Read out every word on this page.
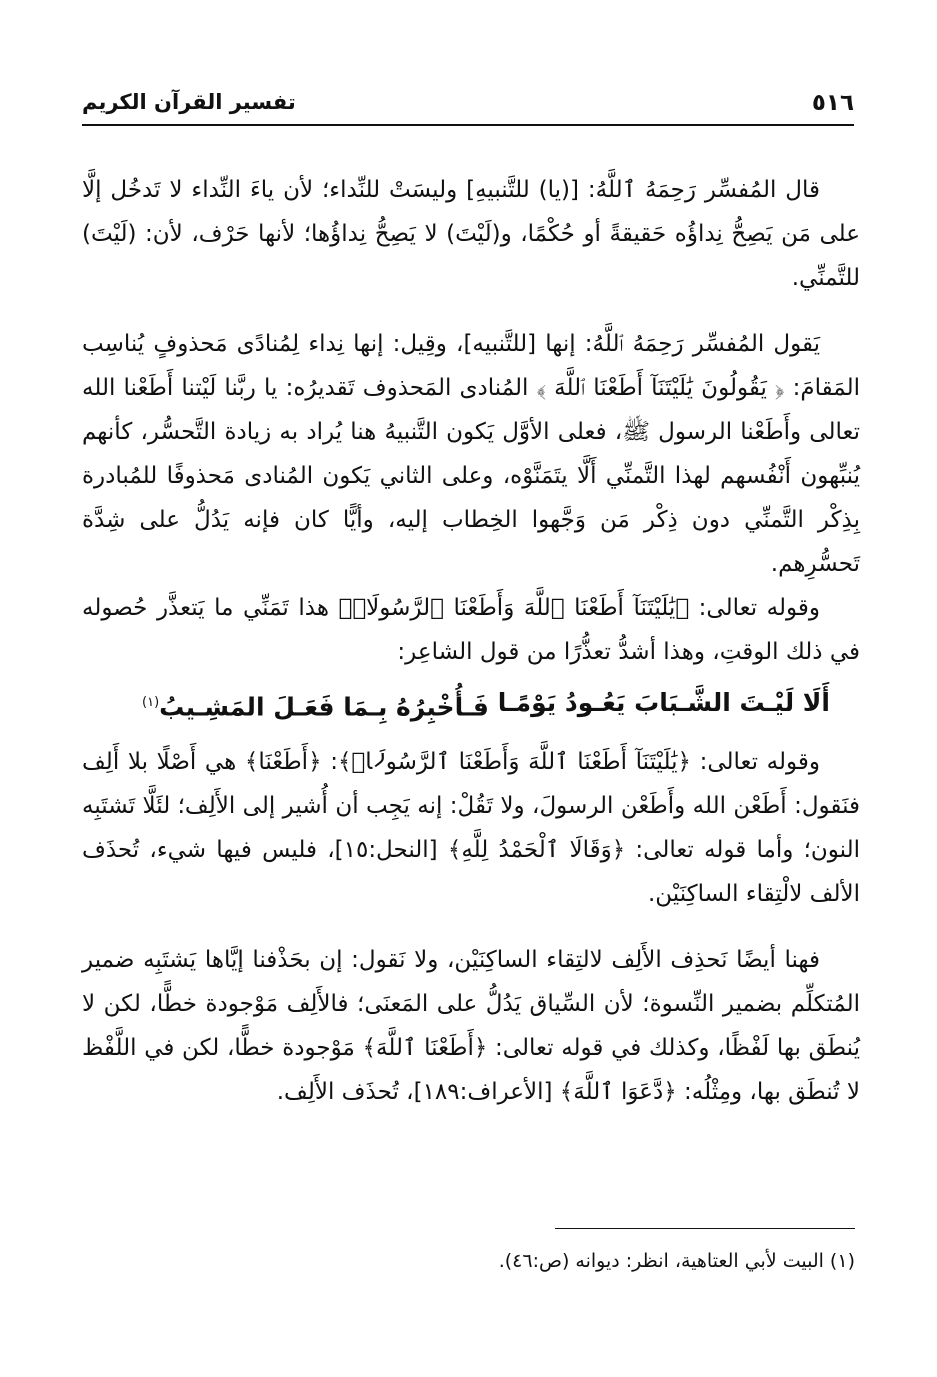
٥١٦
تفسير القرآن الكريم

قال المُفسِّر رَحِمَهُ ٱللَّهُ: [(يا) للتَّنبيهِ] وليسَتْ للنِّداء؛ لأن ياءَ النِّداء لا تَدخُل إلَّا على مَن يَصِحُّ نِداؤُه حَقيقةً أو حُكْمًا، و(لَيْتَ) لا يَصِحُّ نِداؤُها؛ لأنها حَرْف، لأن: (لَيْتَ) للتَّمنِّي.

يَقول المُفسِّر رَحِمَهُ ٱللَّهُ: إنها [للتَّنبيه]، وقِيل: إنها نِداء لِمُنادًى مَحذوفٍ يُناسِب المَقامَ: ﴿ يَقُولُونَ يَٰلَيْتَنَآ أَطَعْنَا ٱللَّهَ ﴾ المُنادى المَحذوف تَقديرُه: يا ربَّنا لَيْتنا أَطَعْنا الله تعالى وأَطَعْنا الرسول ﷺ، فعلى الأوَّل يَكون التَّنبيهُ هنا يُراد به زيادة التَّحسُّر، كأنهم يُنبِّهون أَنْفُسهم لهذا التَّمنِّي أَلَّا يتَمَنَّوْه، وعلى الثاني يَكون المُنادى مَحذوفًا للمُبادرة بِذِكْر التَّمنِّي دون ذِكْر مَن وَجَّهوا الخِطاب إليه، وأيًّا كان فإنه يَدُلُّ على شِدَّة تَحسُّرِهم.

وقوله تعالى: ﴿يَٰلَيْتَنَآ أَطَعْنَا ٱللَّهَ وَأَطَعْنَا ٱلرَّسُولَا۠﴾ هذا تَمَنِّي ما يَتعذَّر حُصوله في ذلك الوقتِ، وهذا أشدُّ تعذُّرًا من قول الشاعِر:

أَلَا لَيْـتَ الشَّـبَابَ يَعُـودُ يَوْمًـا
فَـأُخْبِرُهُ بِـمَا فَعَـلَ المَشِـيبُ$^{(١)}$

وقوله تعالى: ﴿يَٰلَيْتَنَآ أَطَعْنَا ٱللَّهَ وَأَطَعْنَا ٱلرَّسُولَا۠﴾: ﴿أَطَعْنَا﴾ هي أَصْلًا بلا أَلِف فنَقول: أَطَعْن الله وأَطَعْن الرسولَ، ولا تَقُلْ: إنه يَجِب أن أُشير إلى الأَلِف؛ لئَلَّا تَشتَبِه النون؛ وأما قوله تعالى: ﴿وَقَالَا ٱلْحَمْدُ لِلَّهِ﴾ [النحل:١٥]، فليس فيها شيء، تُحذَف الألف لالْتِقاء الساكِنَيْن.

فهنا أيضًا نَحذِف الأَلِف لالتِقاء الساكِنَيْن، ولا نَقول: إن بحَذْفنا إيَّاها يَشتَبِه ضمير المُتكلِّم بضمير النِّسوة؛ لأن السِّياق يَدُلُّ على المَعنَى؛ فالأَلِف مَوْجودة خطًّا، لكن لا يُنطَق بها لَفْظًا، وكذلك في قوله تعالى: ﴿أَطَعْنَا ٱللَّهَ﴾ مَوْجودة خطًّا، لكن في اللَّفْظ لا تُنطَق بها، ومِثْلُه: ﴿دَّعَوَا ٱللَّهَ﴾ [الأعراف:١٨٩]، تُحذَف الأَلِف.

(١) البيت لأبي العتاهية، انظر: ديوانه (ص:٤٦).
